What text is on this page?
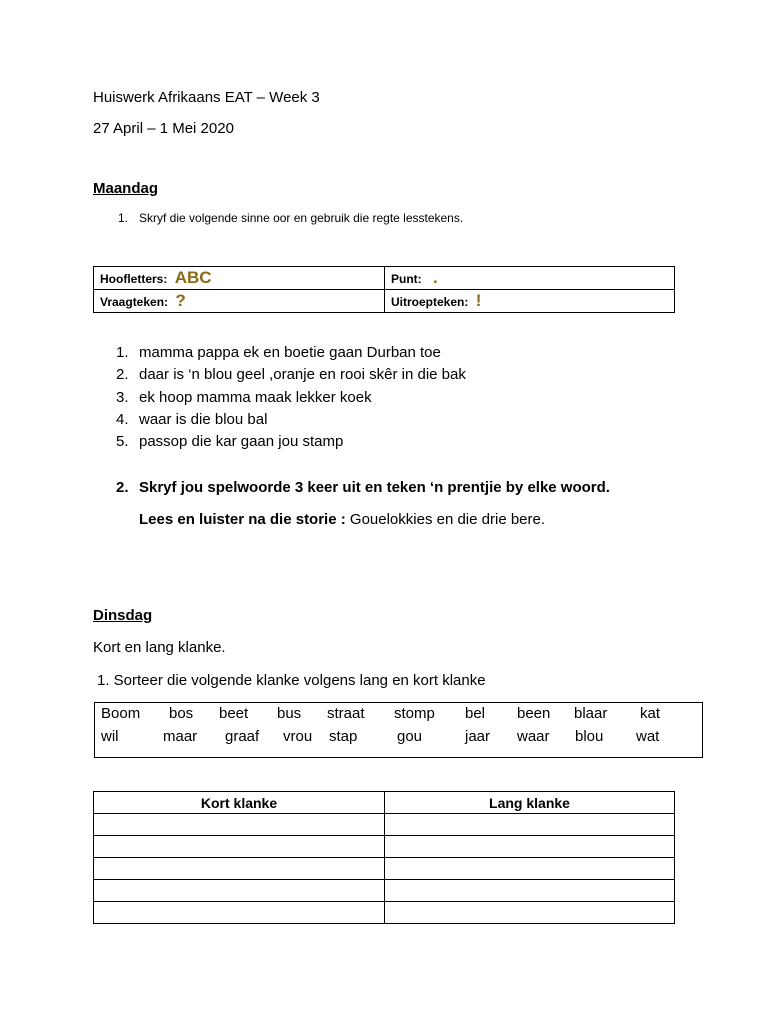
Huiswerk Afrikaans EAT – Week 3
27 April – 1 Mei 2020
Maandag
1. Skryf die volgende sinne oor en gebruik die regte lesstekens.
Hoofletters: ABC	Punt: .
Vraagteken: ?	Uitroepteken: !
1. mamma pappa ek en boetie gaan Durban toe
2. daar is ‘n blou geel ,oranje en rooi skêr in die bak
3. ek hoop mamma maak lekker koek
4. waar is die blou bal
5. passop die kar gaan jou stamp
2. Skryf jou spelwoorde 3 keer uit en teken ‘n prentjie by elke woord.
Lees en luister na die storie : Gouelokkies en die drie bere.
Dinsdag
Kort en lang klanke.
1. Sorteer die volgende klanke volgens lang en kort klanke
Boom bos beet bus straat stomp bel been blaar kat
wil	maar graaf vrou stap	gou	jaar waar blou wat
Kort klanke	Lang klanke
